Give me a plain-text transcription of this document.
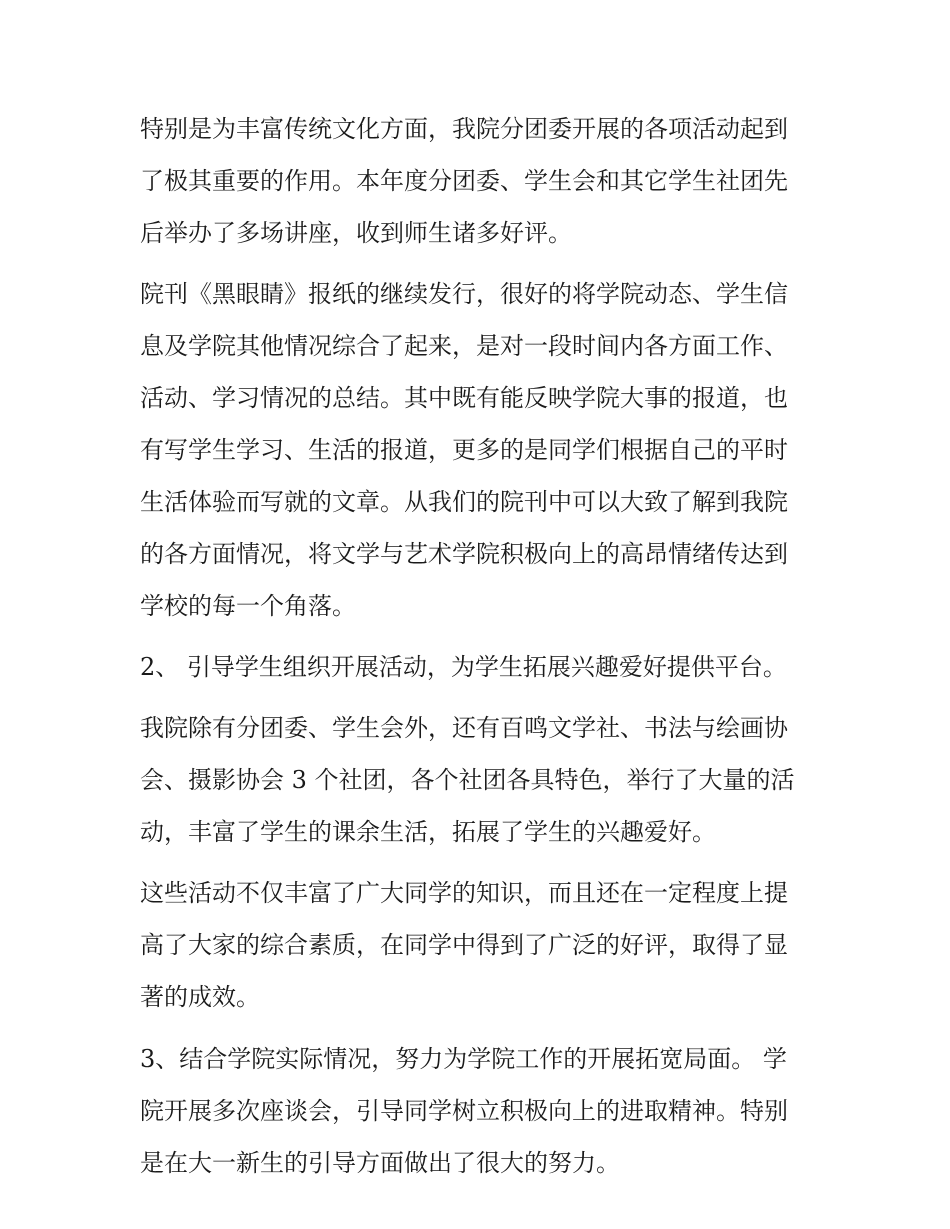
特别是为丰富传统文化方面，我院分团委开展的各项活动起到
了极其重要的作用。本年度分团委、学生会和其它学生社团先
后举办了多场讲座，收到师生诸多好评。
院刊《黑眼睛》报纸的继续发行，很好的将学院动态、学生信
息及学院其他情况综合了起来，是对一段时间内各方面工作、
活动、学习情况的总结。其中既有能反映学院大事的报道，也
有写学生学习、生活的报道，更多的是同学们根据自己的平时
生活体验而写就的文章。从我们的院刊中可以大致了解到我院
的各方面情况，将文学与艺术学院积极向上的高昂情绪传达到
学校的每一个角落。
2、 引导学生组织开展活动，为学生拓展兴趣爱好提供平台。
我院除有分团委、学生会外，还有百鸣文学社、书法与绘画协
会、摄影协会 3 个社团，各个社团各具特色，举行了大量的活
动，丰富了学生的课余生活，拓展了学生的兴趣爱好。
这些活动不仅丰富了广大同学的知识，而且还在一定程度上提
高了大家的综合素质，在同学中得到了广泛的好评，取得了显
著的成效。
3、结合学院实际情况，努力为学院工作的开展拓宽局面。 学
院开展多次座谈会，引导同学树立积极向上的进取精神。特别
是在大一新生的引导方面做出了很大的努力。
